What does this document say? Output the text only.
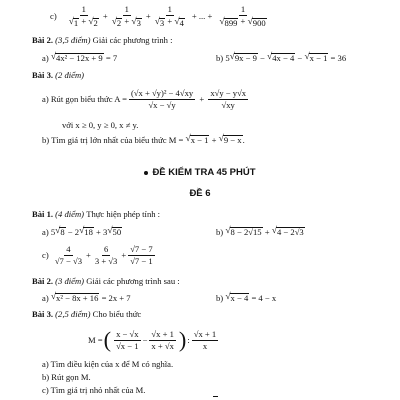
$c) \frac{1}{√ 1 + √ 2} + \frac{1}{√ 2 + √ 3} + \frac{1}{√ 3 + √ 4}$ + ... + $\frac{1}{√ 899 + √ 900}$
Bài 2.
(3,5 điểm)
Giải các phương trình :
a)
√ 4x² − 12x + 9
= 7	b)
5 √ 9x − 9 − √ 4x − 4 − √ x − 1
= 36
Bài 3.
(2 điểm)
a) Rút gọn biểu thức $A = \frac{\text{(√x + √y)² − 4√xy}}{√x - √y} + \frac{x√y - y√x}{√xy}$
với x ≥ 0, y ≥ 0, x ≠ y.
b) Tìm giá trị lớn nhất của biểu thức M =
√ x − 1 + √ 9 − x .
ĐỀ KIỂM TRA 45 PHÚT
ĐỀ 6
Bài 1.
(4 điểm)
Thực hiện phép tính :
a)
5 √ 8
− 2 √ 18
+ 3 √ 50	b)
√ 8 − 2√15 + √ 4 − 2√3
c)
$\frac{4}{√7 - √3} + \frac{6}{3 + √3} + \frac{√7 - 7}{√7 - 1}$
Bài 2.
(3 điểm)
Giải các phương trình sau :
a)
√ x² − 8x + 16
= 2x + 7	b)
√ x − 4
= 4 − x
Bài 3.
(2,5 điểm)
Cho biểu thức
M = ( $\frac{x - √x}{√x - 1} - \frac{√x + 1}{x + √x}$ ) : $\frac{√x + 1}{x}$
a) Tìm điều kiện của x để M có nghĩa.
b) Rút gọn M.
c) Tìm giá trị nhỏ nhất của M.
